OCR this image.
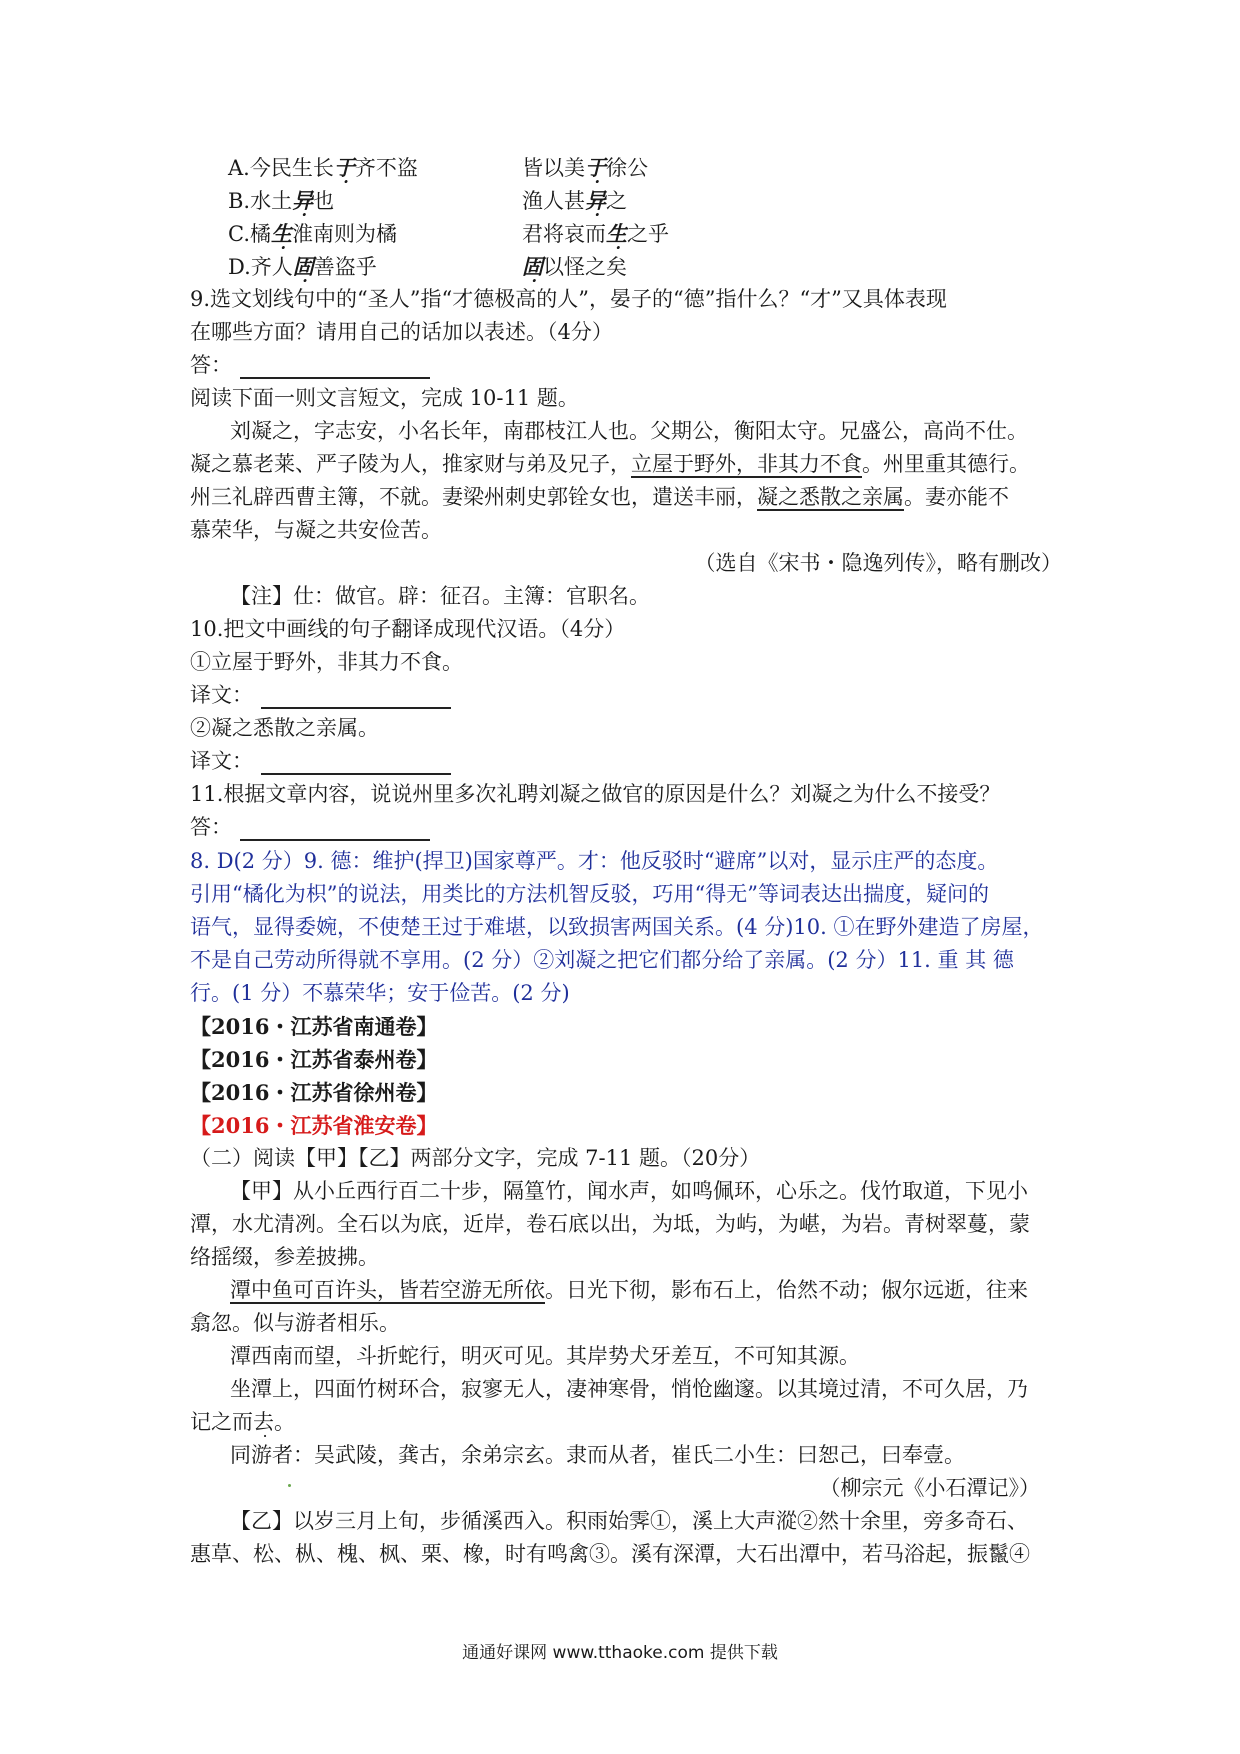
A.今民生长于齐不盗	皆以美于徐公
B.水土异也	渔人甚异之
C.橘生淮南则为橘	君将哀而生之乎
D.齐人固善盗乎	固以怪之矣
9.选文划线句中的“圣人”指“才德极高的人”，晏子的“德”指什么？“才”又具体表现
在哪些方面？请用自己的话加以表述。（4分）
答：
阅读下面一则文言短文，完成 10-11 题。
刘凝之，字志安，小名长年，南郡枝江人也。父期公，衡阳太守。兄盛公，高尚不仕。
凝之慕老莱、严子陵为人，推家财与弟及兄子，立屋于野外，非其力不食。州里重其德行。
州三礼辟西曹主簿，不就。妻梁州刺史郭铨女也，遣送丰丽，凝之悉散之亲属。妻亦能不
慕荣华，与凝之共安俭苦。
（选自《宋书・隐逸列传》，略有删改）
【注】仕：做官。辟：征召。主簿：官职名。
10.把文中画线的句子翻译成现代汉语。（4分）
①立屋于野外，非其力不食。
译文：
②凝之悉散之亲属。
译文：
11.根据文章内容，说说州里多次礼聘刘凝之做官的原因是什么？刘凝之为什么不接受？
答：
8. D(2 分）9. 德：维护(捍卫)国家尊严。才：他反驳时“避席”以对，显示庄严的态度。
引用“橘化为枳”的说法，用类比的方法机智反驳，巧用“得无”等词表达出揣度，疑问的
语气，显得委婉，不使楚王过于难堪，以致损害两国关系。(4 分)10. ①在野外建造了房屋，
不是自己劳动所得就不享用。(2 分）②刘凝之把它们都分给了亲属。(2 分）11. 重 其 德
行。(1 分）不慕荣华；安于俭苦。(2 分)
【2016・江苏省南通卷】
【2016・江苏省泰州卷】
【2016・江苏省徐州卷】
【2016・江苏省淮安卷】
（二）阅读【甲】【乙】两部分文字，完成 7-11 题。（20分）
【甲】从小丘西行百二十步，隔篁竹，闻水声，如鸣佩环，心乐之。伐竹取道，下见小
潭，水尤清冽。全石以为底，近岸，卷石底以出，为坻，为屿，为嵁，为岩。青树翠蔓，蒙
络摇缀，参差披拂。
潭中鱼可百许头，皆若空游无所依。日光下彻，影布石上，佁然不动；俶尔远逝，往来
翕忽。似与游者相乐。
潭西南而望，斗折蛇行，明灭可见。其岸势犬牙差互，不可知其源。
坐潭上，四面竹树环合，寂寥无人，凄神寒骨，悄怆幽邃。以其境过清，不可久居，乃
记之而去。
同游者：吴武陵，龚古，余弟宗玄。隶而从者，崔氏二小生：曰恕己，曰奉壹。
（柳宗元《小石潭记》）
【乙】以岁三月上旬，步循溪西入。积雨始霁①，溪上大声漎②然十余里，旁多奇石、
惠草、松、枞、槐、枫、栗、橡，时有鸣禽③。溪有深潭，大石出潭中，若马浴起，振鬣④
通通好课网 www.tthaoke.com 提供下载
